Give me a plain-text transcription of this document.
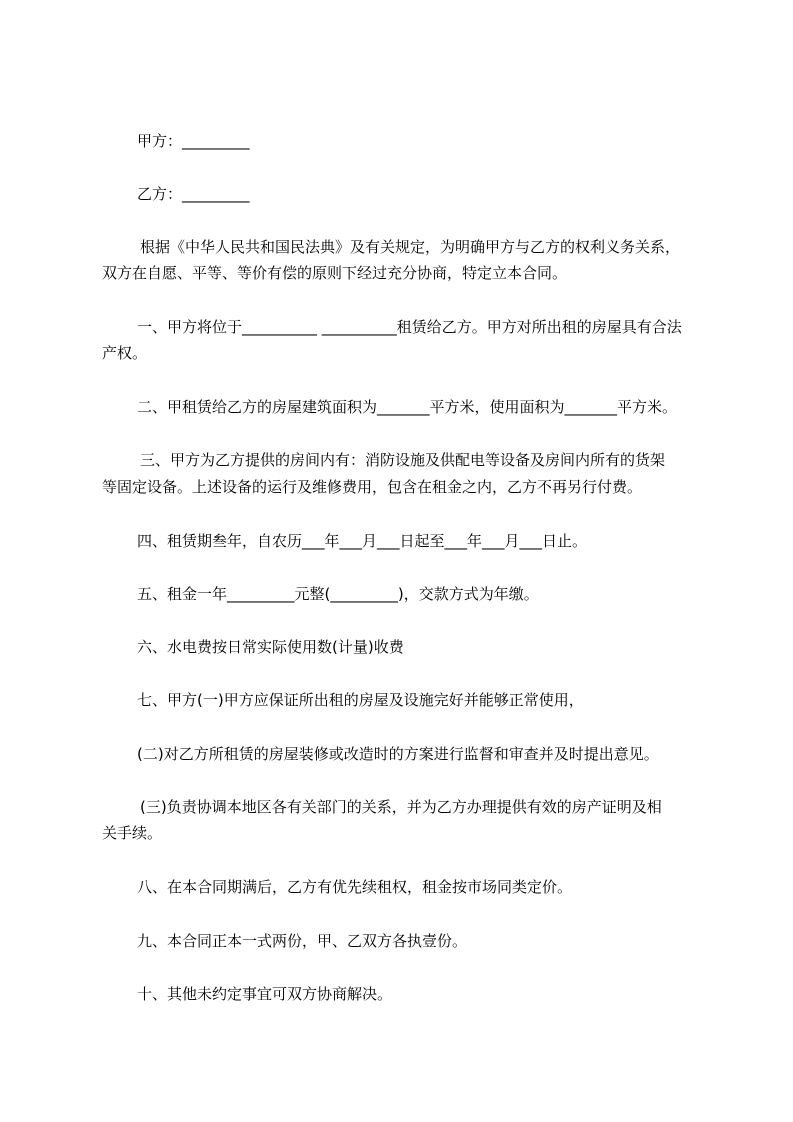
甲方：_________
乙方：_________
根据《中华人民共和国民法典》及有关规定，为明确甲方与乙方的权利义务关系，
双方在自愿、平等、等价有偿的原则下经过充分协商，特定立本合同。
一、甲方将位于__________ __________租赁给乙方。甲方对所出租的房屋具有合法
产权。
二、甲租赁给乙方的房屋建筑面积为_______平方米，使用面积为_______平方米。
三、甲方为乙方提供的房间内有：消防设施及供配电等设备及房间内所有的货架
等固定设备。上述设备的运行及维修费用，包含在租金之内，乙方不再另行付费。
四、租赁期叁年，自农历___年___月___日起至___年___月___日止。
五、租金一年_________元整(_________)，交款方式为年缴。
六、水电费按日常实际使用数(计量)收费
七、甲方(一)甲方应保证所出租的房屋及设施完好并能够正常使用，
(二)对乙方所租赁的房屋装修或改造时的方案进行监督和审查并及时提出意见。
(三)负责协调本地区各有关部门的关系，并为乙方办理提供有效的房产证明及相
关手续。
八、在本合同期满后，乙方有优先续租权，租金按市场同类定价。
九、本合同正本一式两份，甲、乙双方各执壹份。
十、其他未约定事宜可双方协商解决。
